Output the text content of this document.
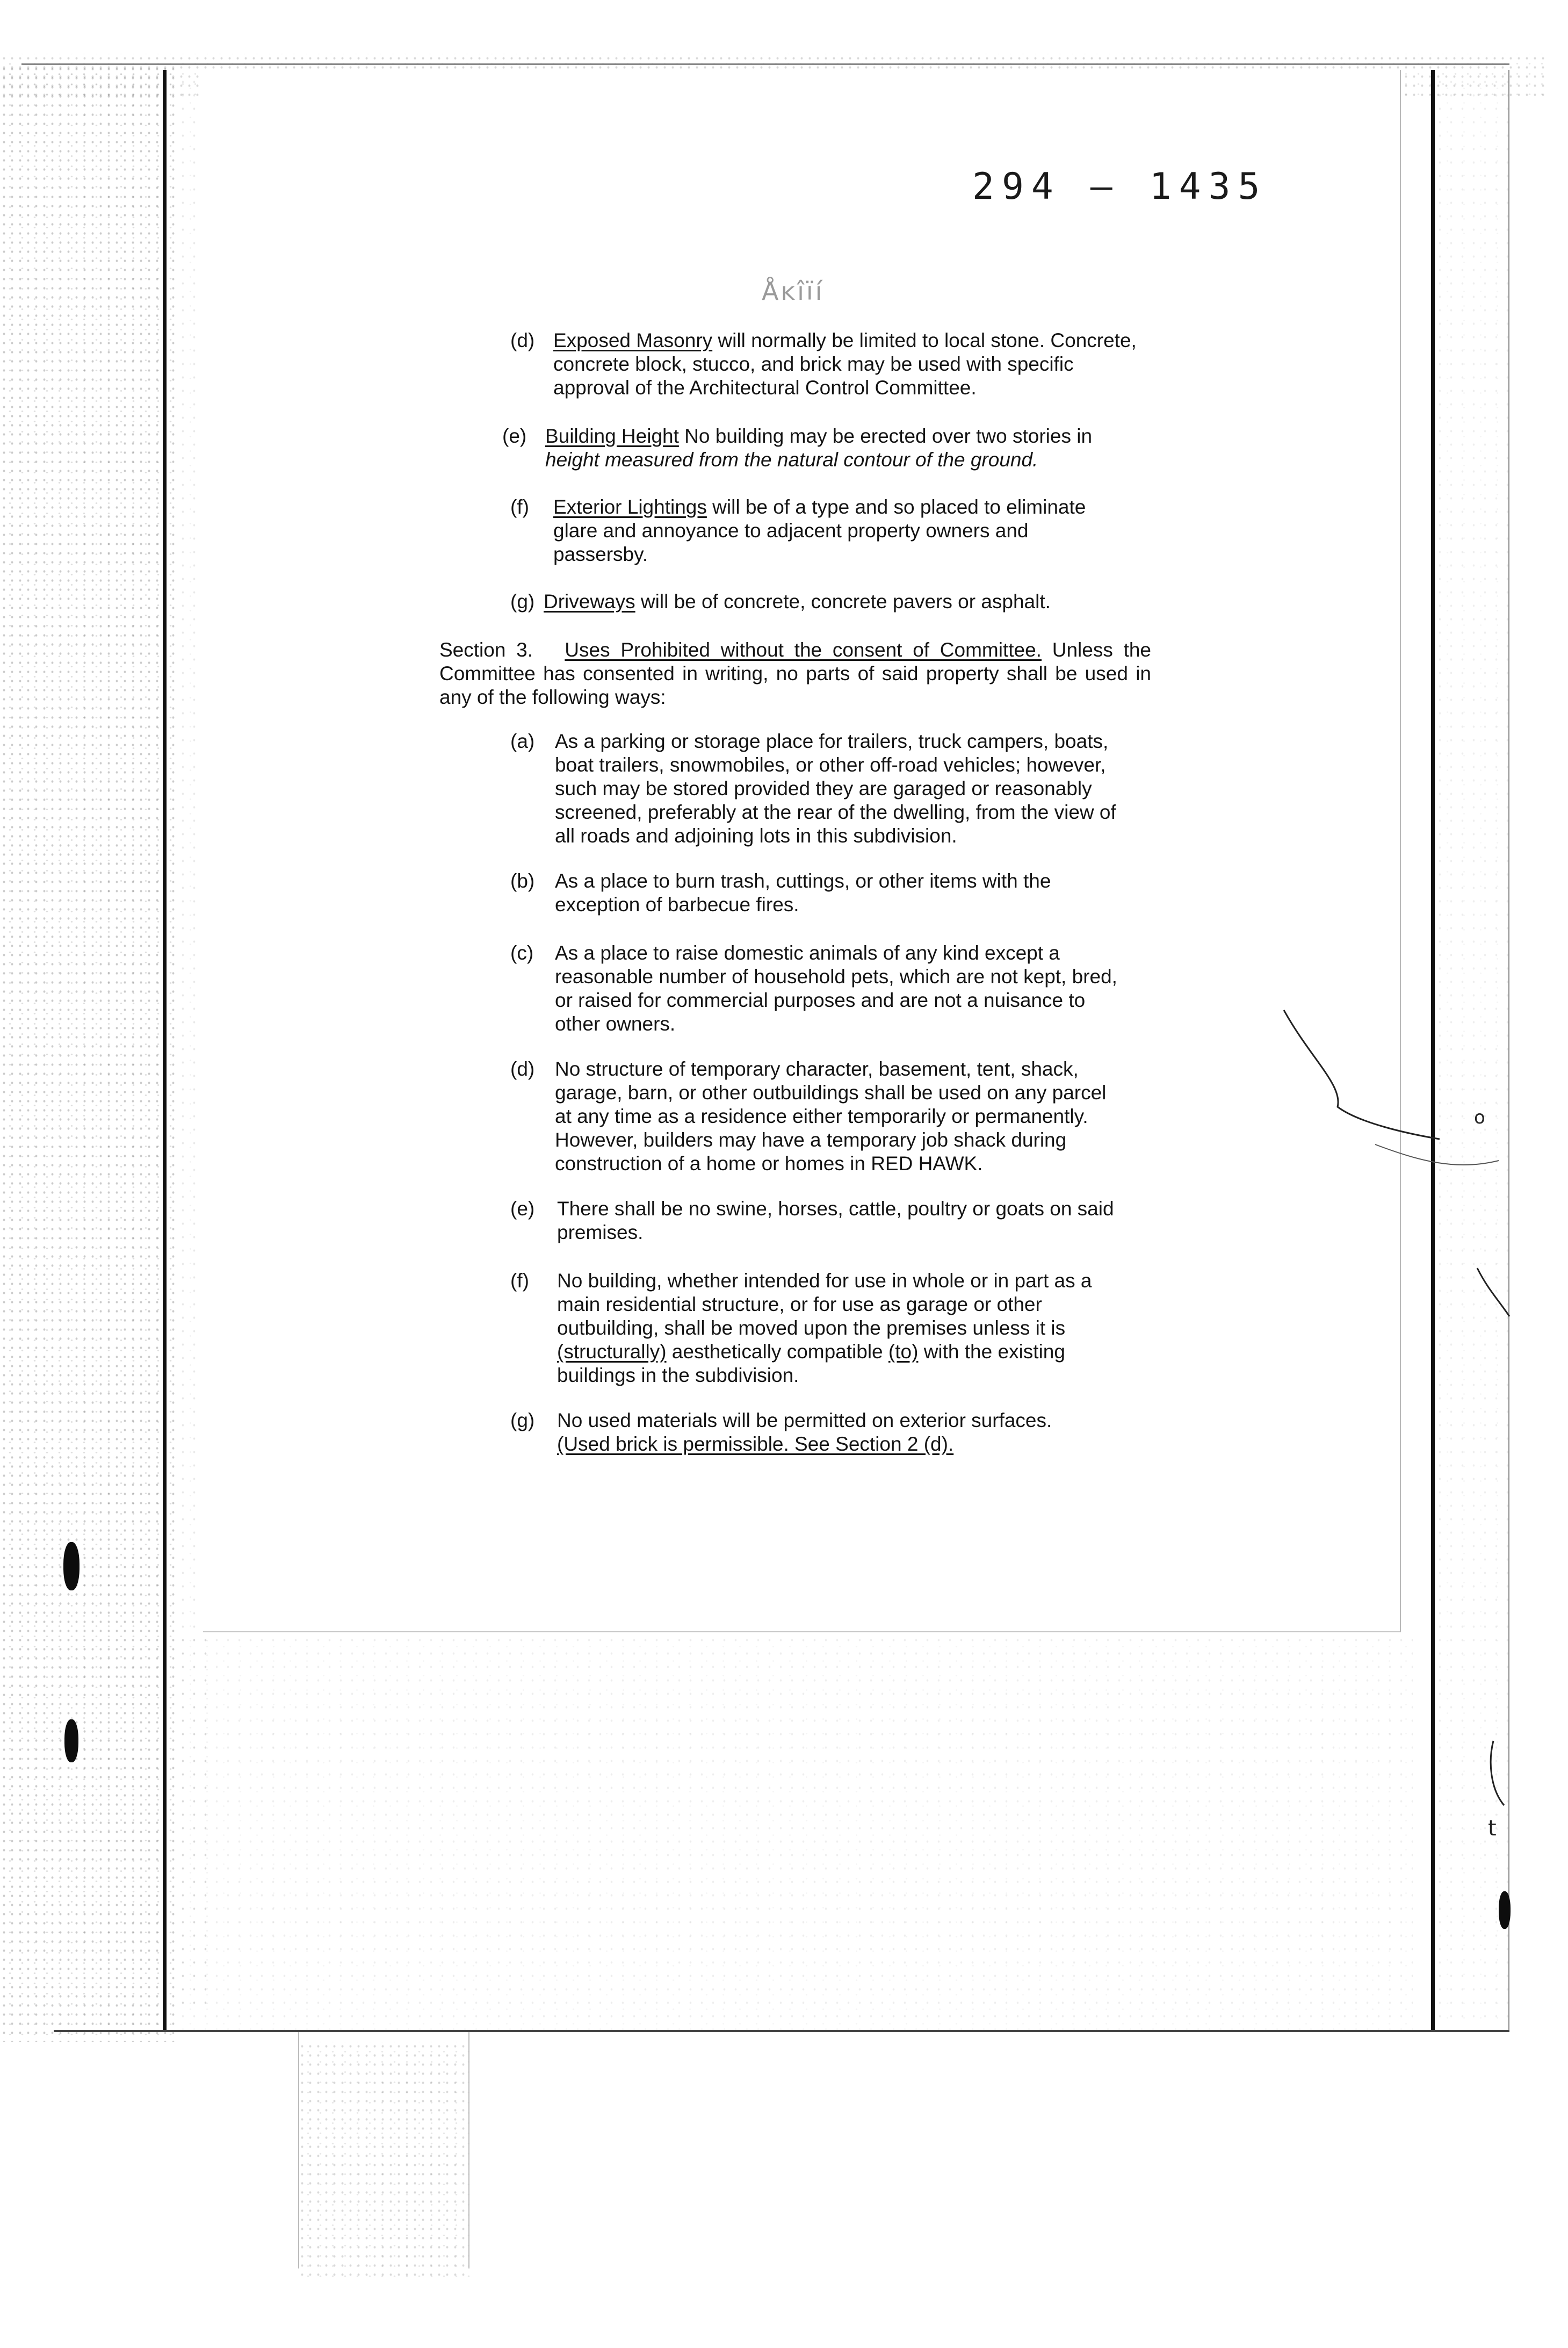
o
t
294 – 1435
Åĸîïí
(d) Exposed Masonry will normally be limited to local stone. Concrete, concrete block, stucco, and brick may be used with specific approval of the Architectural Control Committee.
(e) Building Height No building may be erected over two stories in height measured from the natural contour of the ground.
(f)	Exterior Lightings will be of a type and so placed to eliminate glare and annoyance to adjacent property owners and passersby.
(g) Driveways will be of concrete, concrete pavers or asphalt.
Section 3. Uses Prohibited without the consent of Committee. Unless the Committee has consented in writing, no parts of said property shall be used in any of the following ways:
(a)	As a parking or storage place for trailers, truck campers, boats, boat trailers, snowmobiles, or other off-road vehicles; however, such may be stored provided they are garaged or reasonably screened, preferably at the rear of the dwelling, from the view of all roads and adjoining lots in this subdivision.
(b)	As a place to burn trash, cuttings, or other items with the exception of barbecue fires.
(c)	As a place to raise domestic animals of any kind except a reasonable number of household pets, which are not kept, bred, or raised for commercial purposes and are not a nuisance to other owners.
(d)	No structure of temporary character, basement, tent, shack, garage, barn, or other outbuildings shall be used on any parcel at any time as a residence either temporarily or permanently. However, builders may have a temporary job shack during construction of a home or homes in RED HAWK.
(e)	There shall be no swine, horses, cattle, poultry or goats on said premises.
(f)	No building, whether intended for use in whole or in part as a main residential structure, or for use as garage or other outbuilding, shall be moved upon the premises unless it is (structurally) aesthetically compatible (to) with the existing buildings in the subdivision.
(g)	No used materials will be permitted on exterior surfaces.
(Used brick is permissible. See Section 2 (d).
